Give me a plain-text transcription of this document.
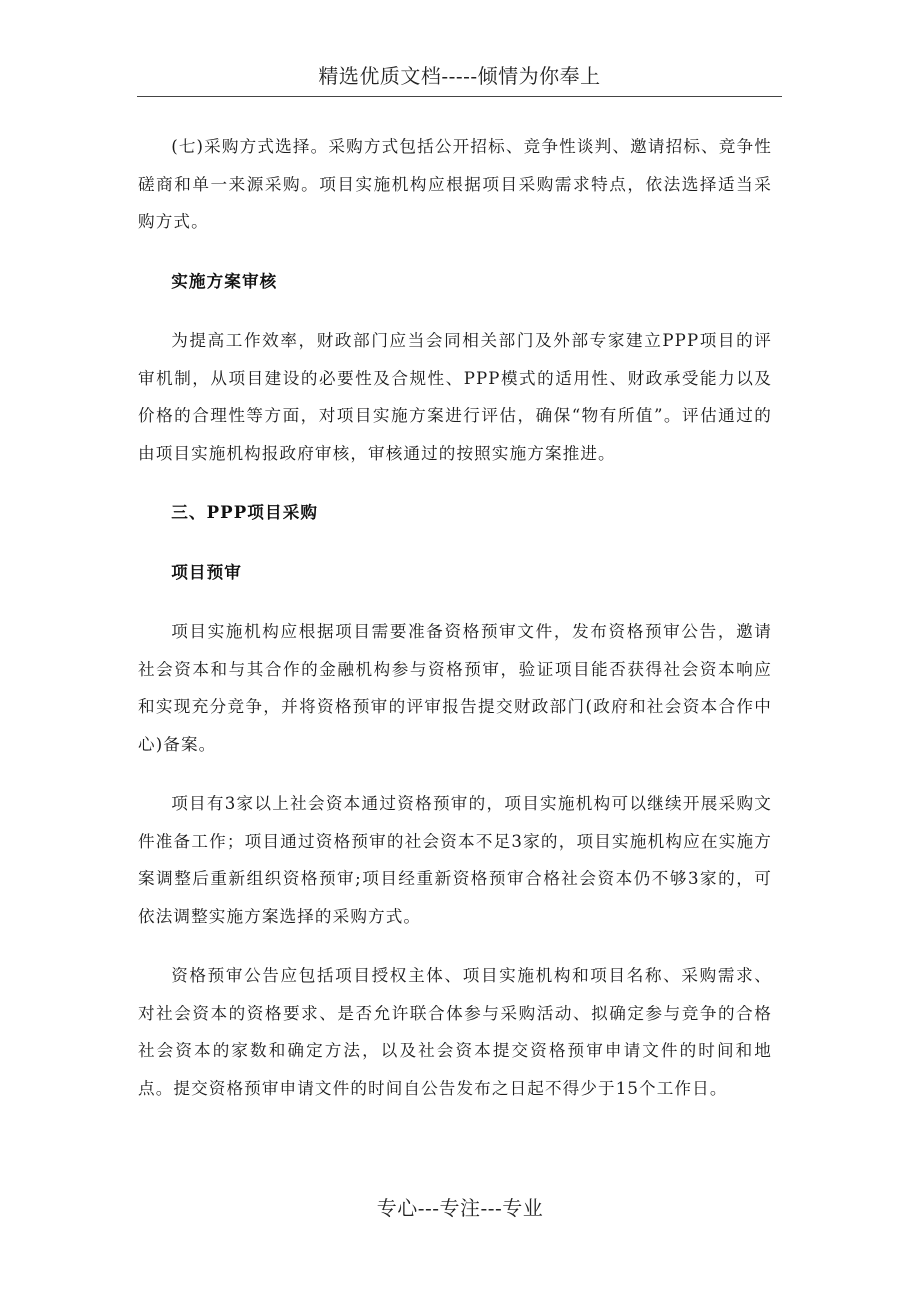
精选优质文档-----倾情为你奉上

(七)采购方式选择。采购方式包括公开招标、竞争性谈判、邀请招标、竞争性磋商和单一来源采购。项目实施机构应根据项目采购需求特点，依法选择适当采购方式。

实施方案审核

为提高工作效率，财政部门应当会同相关部门及外部专家建立PPP项目的评审机制，从项目建设的必要性及合规性、PPP模式的适用性、财政承受能力以及价格的合理性等方面，对项目实施方案进行评估，确保“物有所值”。评估通过的由项目实施机构报政府审核，审核通过的按照实施方案推进。

三、PPP项目采购

项目预审

项目实施机构应根据项目需要准备资格预审文件，发布资格预审公告，邀请社会资本和与其合作的金融机构参与资格预审，验证项目能否获得社会资本响应和实现充分竞争，并将资格预审的评审报告提交财政部门(政府和社会资本合作中心)备案。

项目有3家以上社会资本通过资格预审的，项目实施机构可以继续开展采购文件准备工作；项目通过资格预审的社会资本不足3家的，项目实施机构应在实施方案调整后重新组织资格预审;项目经重新资格预审合格社会资本仍不够3家的，可依法调整实施方案选择的采购方式。

资格预审公告应包括项目授权主体、项目实施机构和项目名称、采购需求、对社会资本的资格要求、是否允许联合体参与采购活动、拟确定参与竞争的合格社会资本的家数和确定方法，以及社会资本提交资格预审申请文件的时间和地点。提交资格预审申请文件的时间自公告发布之日起不得少于15个工作日。

专心---专注---专业
